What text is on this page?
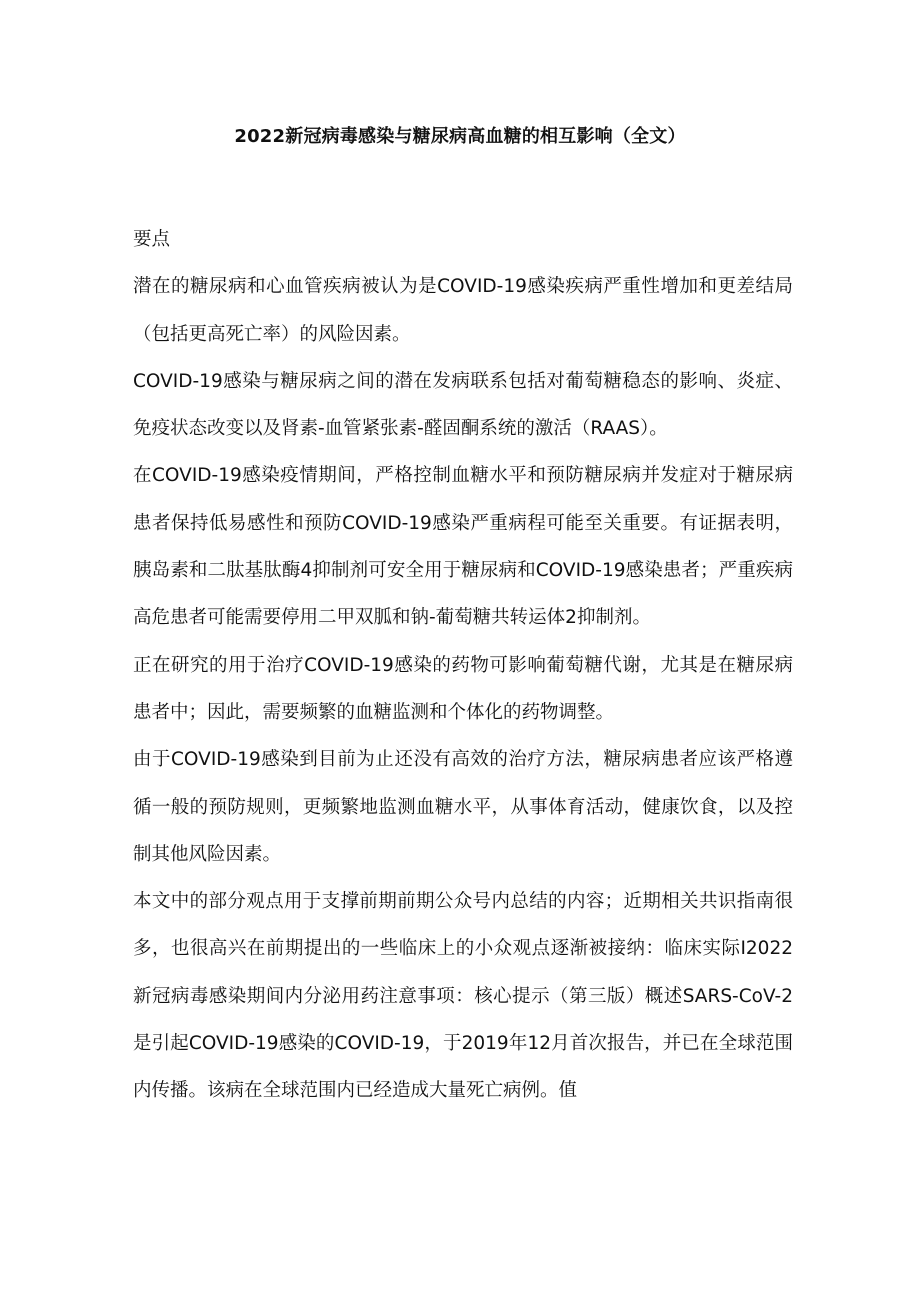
2022新冠病毒感染与糖尿病高血糖的相互影响（全文）

要点

潜在的糖尿病和心血管疾病被认为是COVID-19感染疾病严重性增加和更差结局（包括更高死亡率）的风险因素。

COVID-19感染与糖尿病之间的潜在发病联系包括对葡萄糖稳态的影响、炎症、免疫状态改变以及肾素-血管紧张素-醛固酮系统的激活（RAAS）。

在COVID-19感染疫情期间，严格控制血糖水平和预防糖尿病并发症对于糖尿病患者保持低易感性和预防COVID-19感染严重病程可能至关重要。有证据表明，胰岛素和二肽基肽酶4抑制剂可安全用于糖尿病和COVID-19感染患者；严重疾病高危患者可能需要停用二甲双胍和钠-葡萄糖共转运体2抑制剂。

正在研究的用于治疗COVID-19感染的药物可影响葡萄糖代谢，尤其是在糖尿病患者中；因此，需要频繁的血糖监测和个体化的药物调整。

由于COVID-19感染到目前为止还没有高效的治疗方法，糖尿病患者应该严格遵循一般的预防规则，更频繁地监测血糖水平，从事体育活动，健康饮食，以及控制其他风险因素。

本文中的部分观点用于支撑前期前期公众号内总结的内容；近期相关共识指南很多，也很高兴在前期提出的一些临床上的小众观点逐渐被接纳：临床实际I2022新冠病毒感染期间内分泌用药注意事项：核心提示（第三版）概述SARS-CoV-2是引起COVID-19感染的COVID-19，于2019年12月首次报告，并已在全球范围内传播。该病在全球范围内已经造成大量死亡病例。值
